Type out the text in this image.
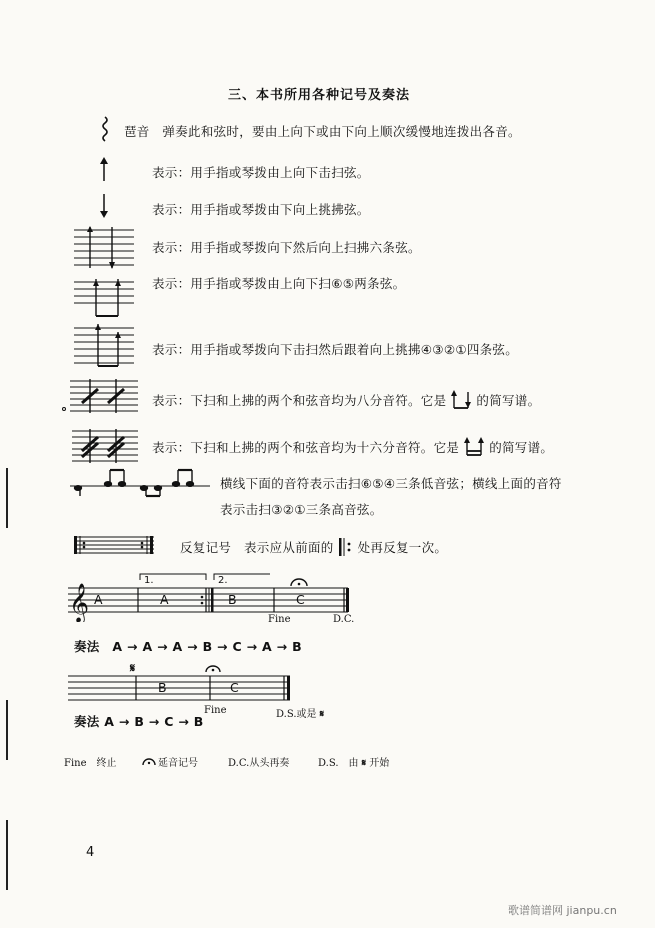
三、本书所用各种记号及奏法
琶音　 弹奏此和弦时，要由上向下或由下向上顺次缓慢地连拨出各音。
表示：用手指或琴拨由上向下击扫弦。
表示：用手指或琴拨由下向上挑拂弦。
表示：用手指或琴拨向下然后向上扫拂六条弦。
表示：用手指或琴拨由上向下扫⑥⑤两条弦。
表示：用手指或琴拨向下击扫然后跟着向上挑拂④③②①四条弦。
表示：下扫和上拂的两个和弦音均为八分音符。它是 的简写谱。
表示：下扫和上拂的两个和弦音均为十六分音符。它是 的简写谱。
横线下面的音符表示击扫⑥⑤④三条低音弦；横线上面的音符
表示击扫③②①三条高音弦。
反复记号　表示应从前面的 处再反复一次。
𝄞
1.	2.
A	A	B	C
Fine	D.C.
奏法　 A → A → A → B → C → A → B
𝄋
B	C
Fine	D.S.或是 𝄋
奏法 A → B → C → B
Fine　终止	延音记号	D.C.从头再奏	D.S.　由 𝄋 开始
4
歌谱简谱网 jianpu.cn
